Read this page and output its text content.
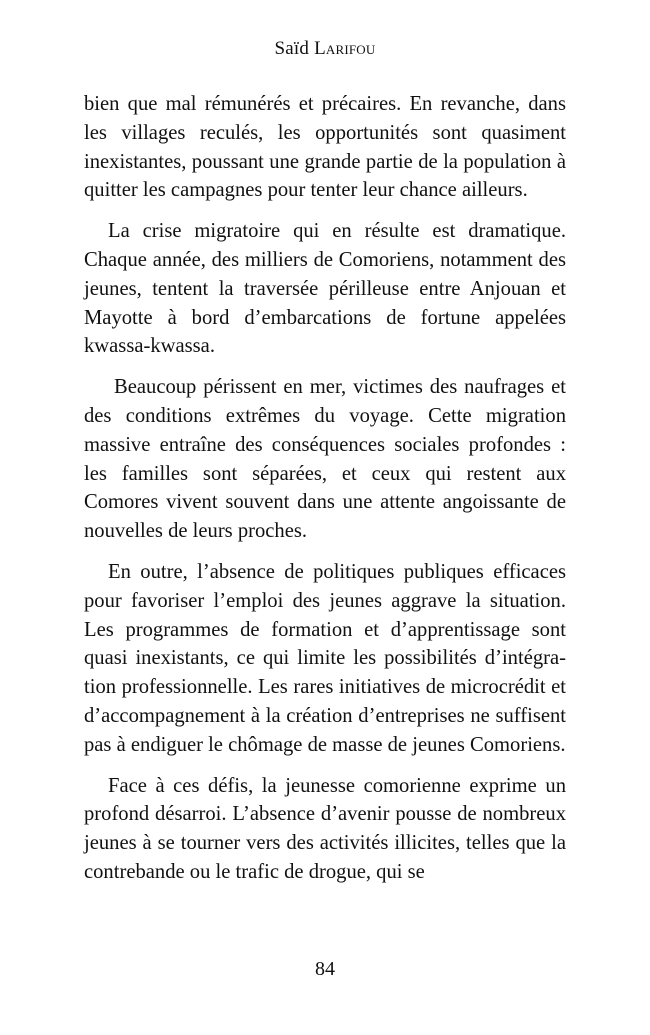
Saïd Larifou

bien que mal rémunérés et précaires. En revanche, dans les villages reculés, les opportunités sont quasiment inexistantes, poussant une grande partie de la population à quitter les campagnes pour tenter leur chance ailleurs.

La crise migratoire qui en résulte est dramatique. Chaque année, des milliers de Comoriens, notamment des jeunes, tentent la traversée périlleuse entre Anjouan et Mayotte à bord d’embarcations de fortune appelées kwassa-kwassa.

Beaucoup périssent en mer, victimes des naufrages et des conditions extrêmes du voyage. Cette migration massive entraîne des conséquences sociales profondes : les familles sont séparées, et ceux qui restent aux Comores vivent souvent dans une attente angoissante de nouvelles de leurs proches.

En outre, l’absence de politiques publiques efficaces pour favoriser l’emploi des jeunes aggrave la situation. Les programmes de formation et d’apprentissage sont quasi inexistants, ce qui limite les possibilités d’intégration professionnelle. Les rares initiatives de microcrédit et d’accompagnement à la création d’entreprises ne suffisent pas à endiguer le chômage de masse de jeunes Comoriens.

Face à ces défis, la jeunesse comorienne exprime un profond désarroi. L’absence d’avenir pousse de nombreux jeunes à se tourner vers des activités illicites, telles que la contrebande ou le trafic de drogue, qui se

84
